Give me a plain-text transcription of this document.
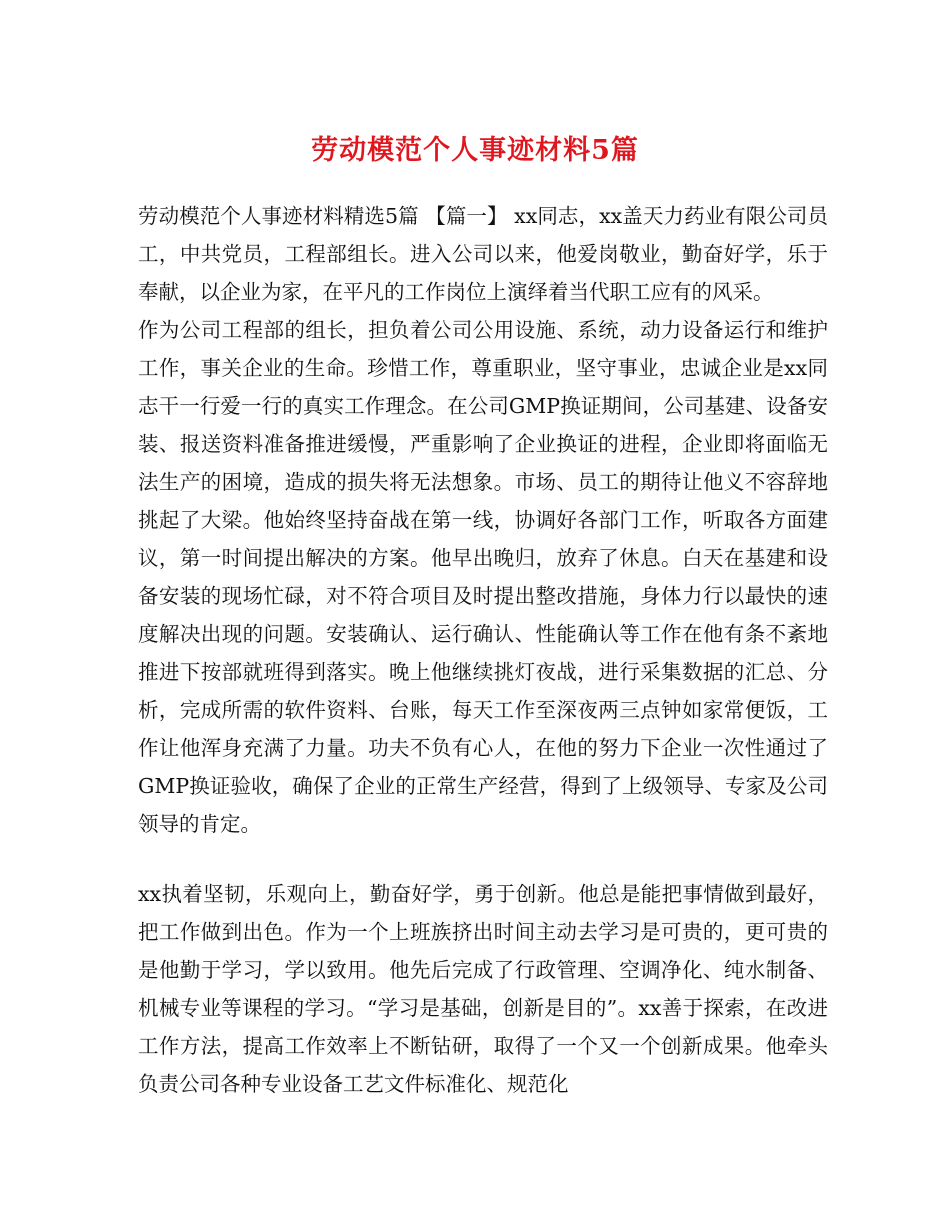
劳动模范个人事迹材料5篇

劳动模范个人事迹材料精选5篇 【篇一】 xx同志，xx盖天力药业有限公司员工，中共党员，工程部组长。进入公司以来，他爱岗敬业，勤奋好学，乐于奉献，以企业为家，在平凡的工作岗位上演绎着当代职工应有的风采。

作为公司工程部的组长，担负着公司公用设施、系统，动力设备运行和维护工作，事关企业的生命。珍惜工作，尊重职业，坚守事业，忠诚企业是xx同志干一行爱一行的真实工作理念。在公司GMP换证期间，公司基建、设备安装、报送资料准备推进缓慢，严重影响了企业换证的进程，企业即将面临无法生产的困境，造成的损失将无法想象。市场、员工的期待让他义不容辞地挑起了大梁。他始终坚持奋战在第一线，协调好各部门工作，听取各方面建议，第一时间提出解决的方案。他早出晚归，放弃了休息。白天在基建和设备安装的现场忙碌，对不符合项目及时提出整改措施，身体力行以最快的速度解决出现的问题。安装确认、运行确认、性能确认等工作在他有条不紊地推进下按部就班得到落实。晚上他继续挑灯夜战，进行采集数据的汇总、分析，完成所需的软件资料、台账，每天工作至深夜两三点钟如家常便饭，工作让他浑身充满了力量。功夫不负有心人，在他的努力下企业一次性通过了GMP换证验收，确保了企业的正常生产经营，得到了上级领导、专家及公司领导的肯定。

xx执着坚韧，乐观向上，勤奋好学，勇于创新。他总是能把事情做到最好，把工作做到出色。作为一个上班族挤出时间主动去学习是可贵的，更可贵的是他勤于学习，学以致用。他先后完成了行政管理、空调净化、纯水制备、机械专业等课程的学习。“学习是基础，创新是目的”。xx善于探索，在改进工作方法，提高工作效率上不断钻研，取得了一个又一个创新成果。他牵头负责公司各种专业设备工艺文件标准化、规范化
